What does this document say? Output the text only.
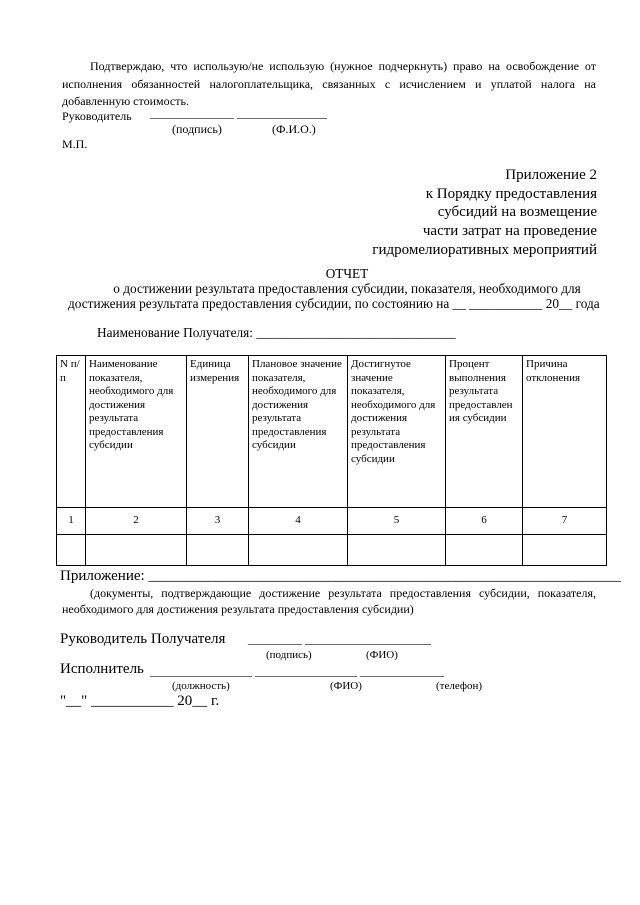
Подтверждаю, что использую/не использую (нужное подчеркнуть) право на освобождение от исполнения обязанностей налогоплательщика, связанных с исчислением и уплатой налога на добавленную стоимость.
Руководитель ______________ _______________
(подпись)	(Ф.И.О.)
М.П.
Приложение 2
к Порядку предоставления
субсидий на возмещение
части затрат на проведение
гидромелиоративных мероприятий
ОТЧЕТ
о достижении результата предоставления субсидии, показателя, необходимого для
достижения результата предоставления субсидии, по состоянию на __ ___________ 20__ года
Наименование Получателя: ______________________________
N п/п	Наименование показателя, необходимого для достижения результата предоставления субсидии	Единица измерения	Плановое значение показателя, необходимого для достижения результата предоставления субсидии	Достигнутое значение показателя, необходимого для достижения результата предоставления субсидии	Процент выполнения результата предоставлен ия субсидии	Причина отклонения
1	2	3	4	5	6	7

Приложение: _______________________________________________________________
(документы, подтверждающие достижение результата предоставления субсидии, показателя, необходимого для достижения результата предоставления субсидии)
Руководитель Получателя _________ _____________________
(подпись)	(ФИО)
Исполнитель _________________ _________________ ______________
(должность)	(ФИО)	(телефон)
"__" ___________ 20__ г.
